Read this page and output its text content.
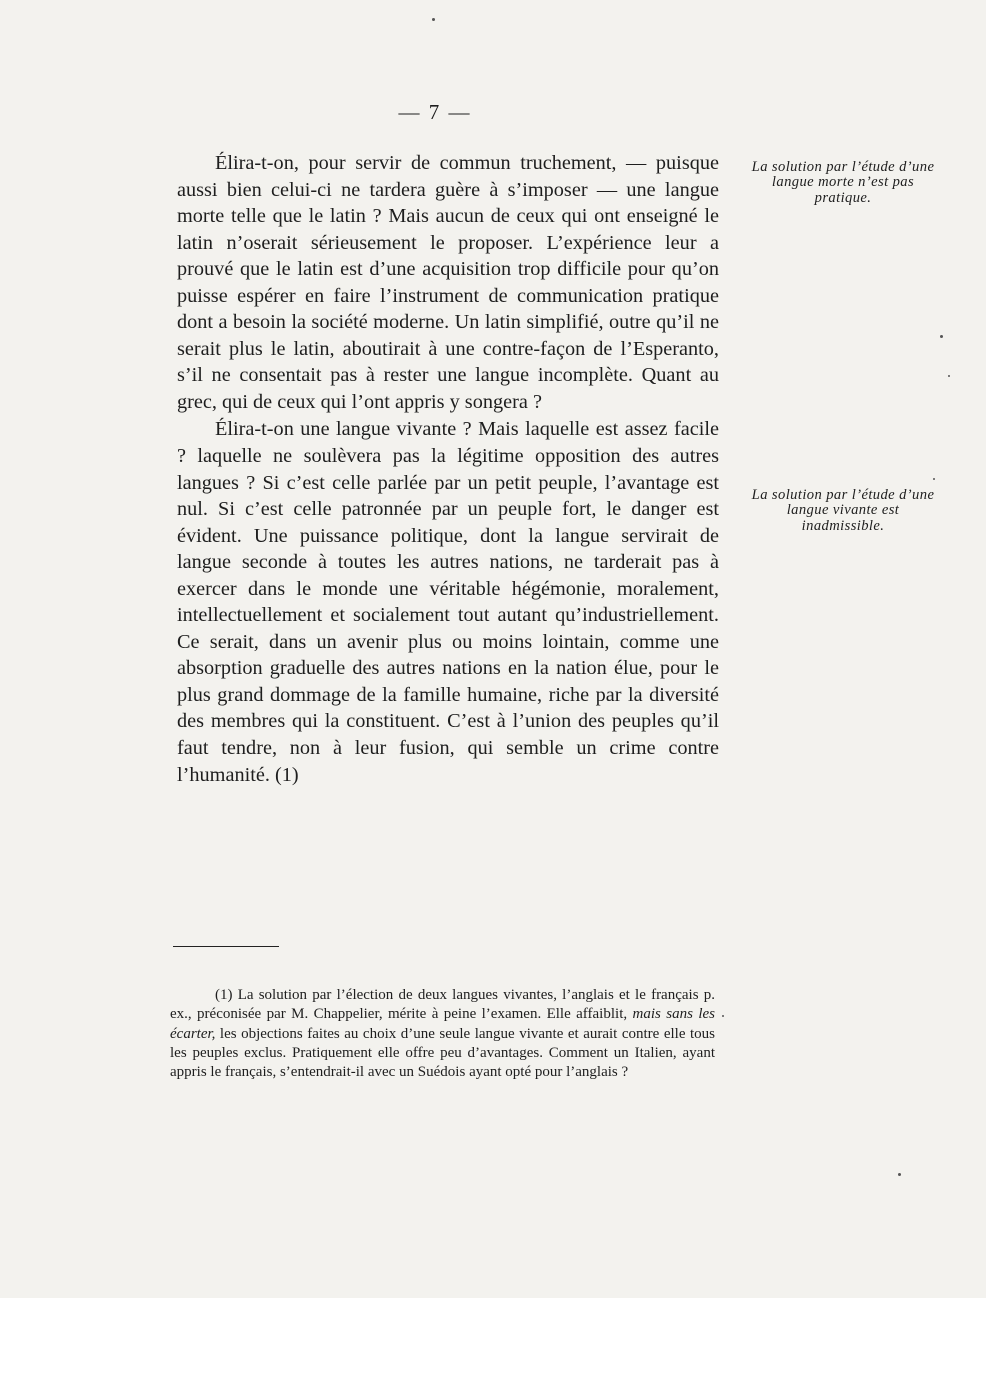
— 7 —

Élira-t-on, pour servir de commun truchement, — puisque aussi bien celui-ci ne tardera guère à s’imposer — une langue morte telle que le latin ? Mais aucun de ceux qui ont enseigné le latin n’oserait sérieusement le proposer. L’expérience leur a prouvé que le latin est d’une acquisition trop difficile pour qu’on puisse espérer en faire l’instrument de communication pratique dont a besoin la société moderne. Un latin simplifié, outre qu’il ne serait plus le latin, aboutirait à une contre-façon de l’Esperanto, s’il ne consentait pas à rester une langue incomplète. Quant au grec, qui de ceux qui l’ont appris y songera ?

Élira-t-on une langue vivante ? Mais laquelle est assez facile ? laquelle ne soulèvera pas la légitime opposition des autres langues ? Si c’est celle parlée par un petit peuple, l’avantage est nul. Si c’est celle patronnée par un peuple fort, le danger est évident. Une puissance politique, dont la langue servirait de langue seconde à toutes les autres nations, ne tarderait pas à exercer dans le monde une véritable hégémonie, moralement, intellectuellement et socialement tout autant qu’industriellement. Ce serait, dans un avenir plus ou moins lointain, comme une absorption graduelle des autres nations en la nation élue, pour le plus grand dommage de la famille humaine, riche par la diversité des membres qui la constituent. C’est à l’union des peuples qu’il faut tendre, non à leur fusion, qui semble un crime contre l’humanité. (1)

La solution par l’étude d’une langue morte n’est pas pratique.
La solution par l’étude d’une langue vivante est inadmissible.

(1) La solution par l’élection de deux langues vivantes, l’anglais et le français p. ex., préconisée par M. Chappelier, mérite à peine l’examen. Elle affaiblit, mais sans les écarter, les objections faites au choix d’une seule langue vivante et aurait contre elle tous les peuples exclus. Pratiquement elle offre peu d’avantages. Comment un Italien, ayant appris le français, s’entendrait-il avec un Suédois ayant opté pour l’anglais ?
